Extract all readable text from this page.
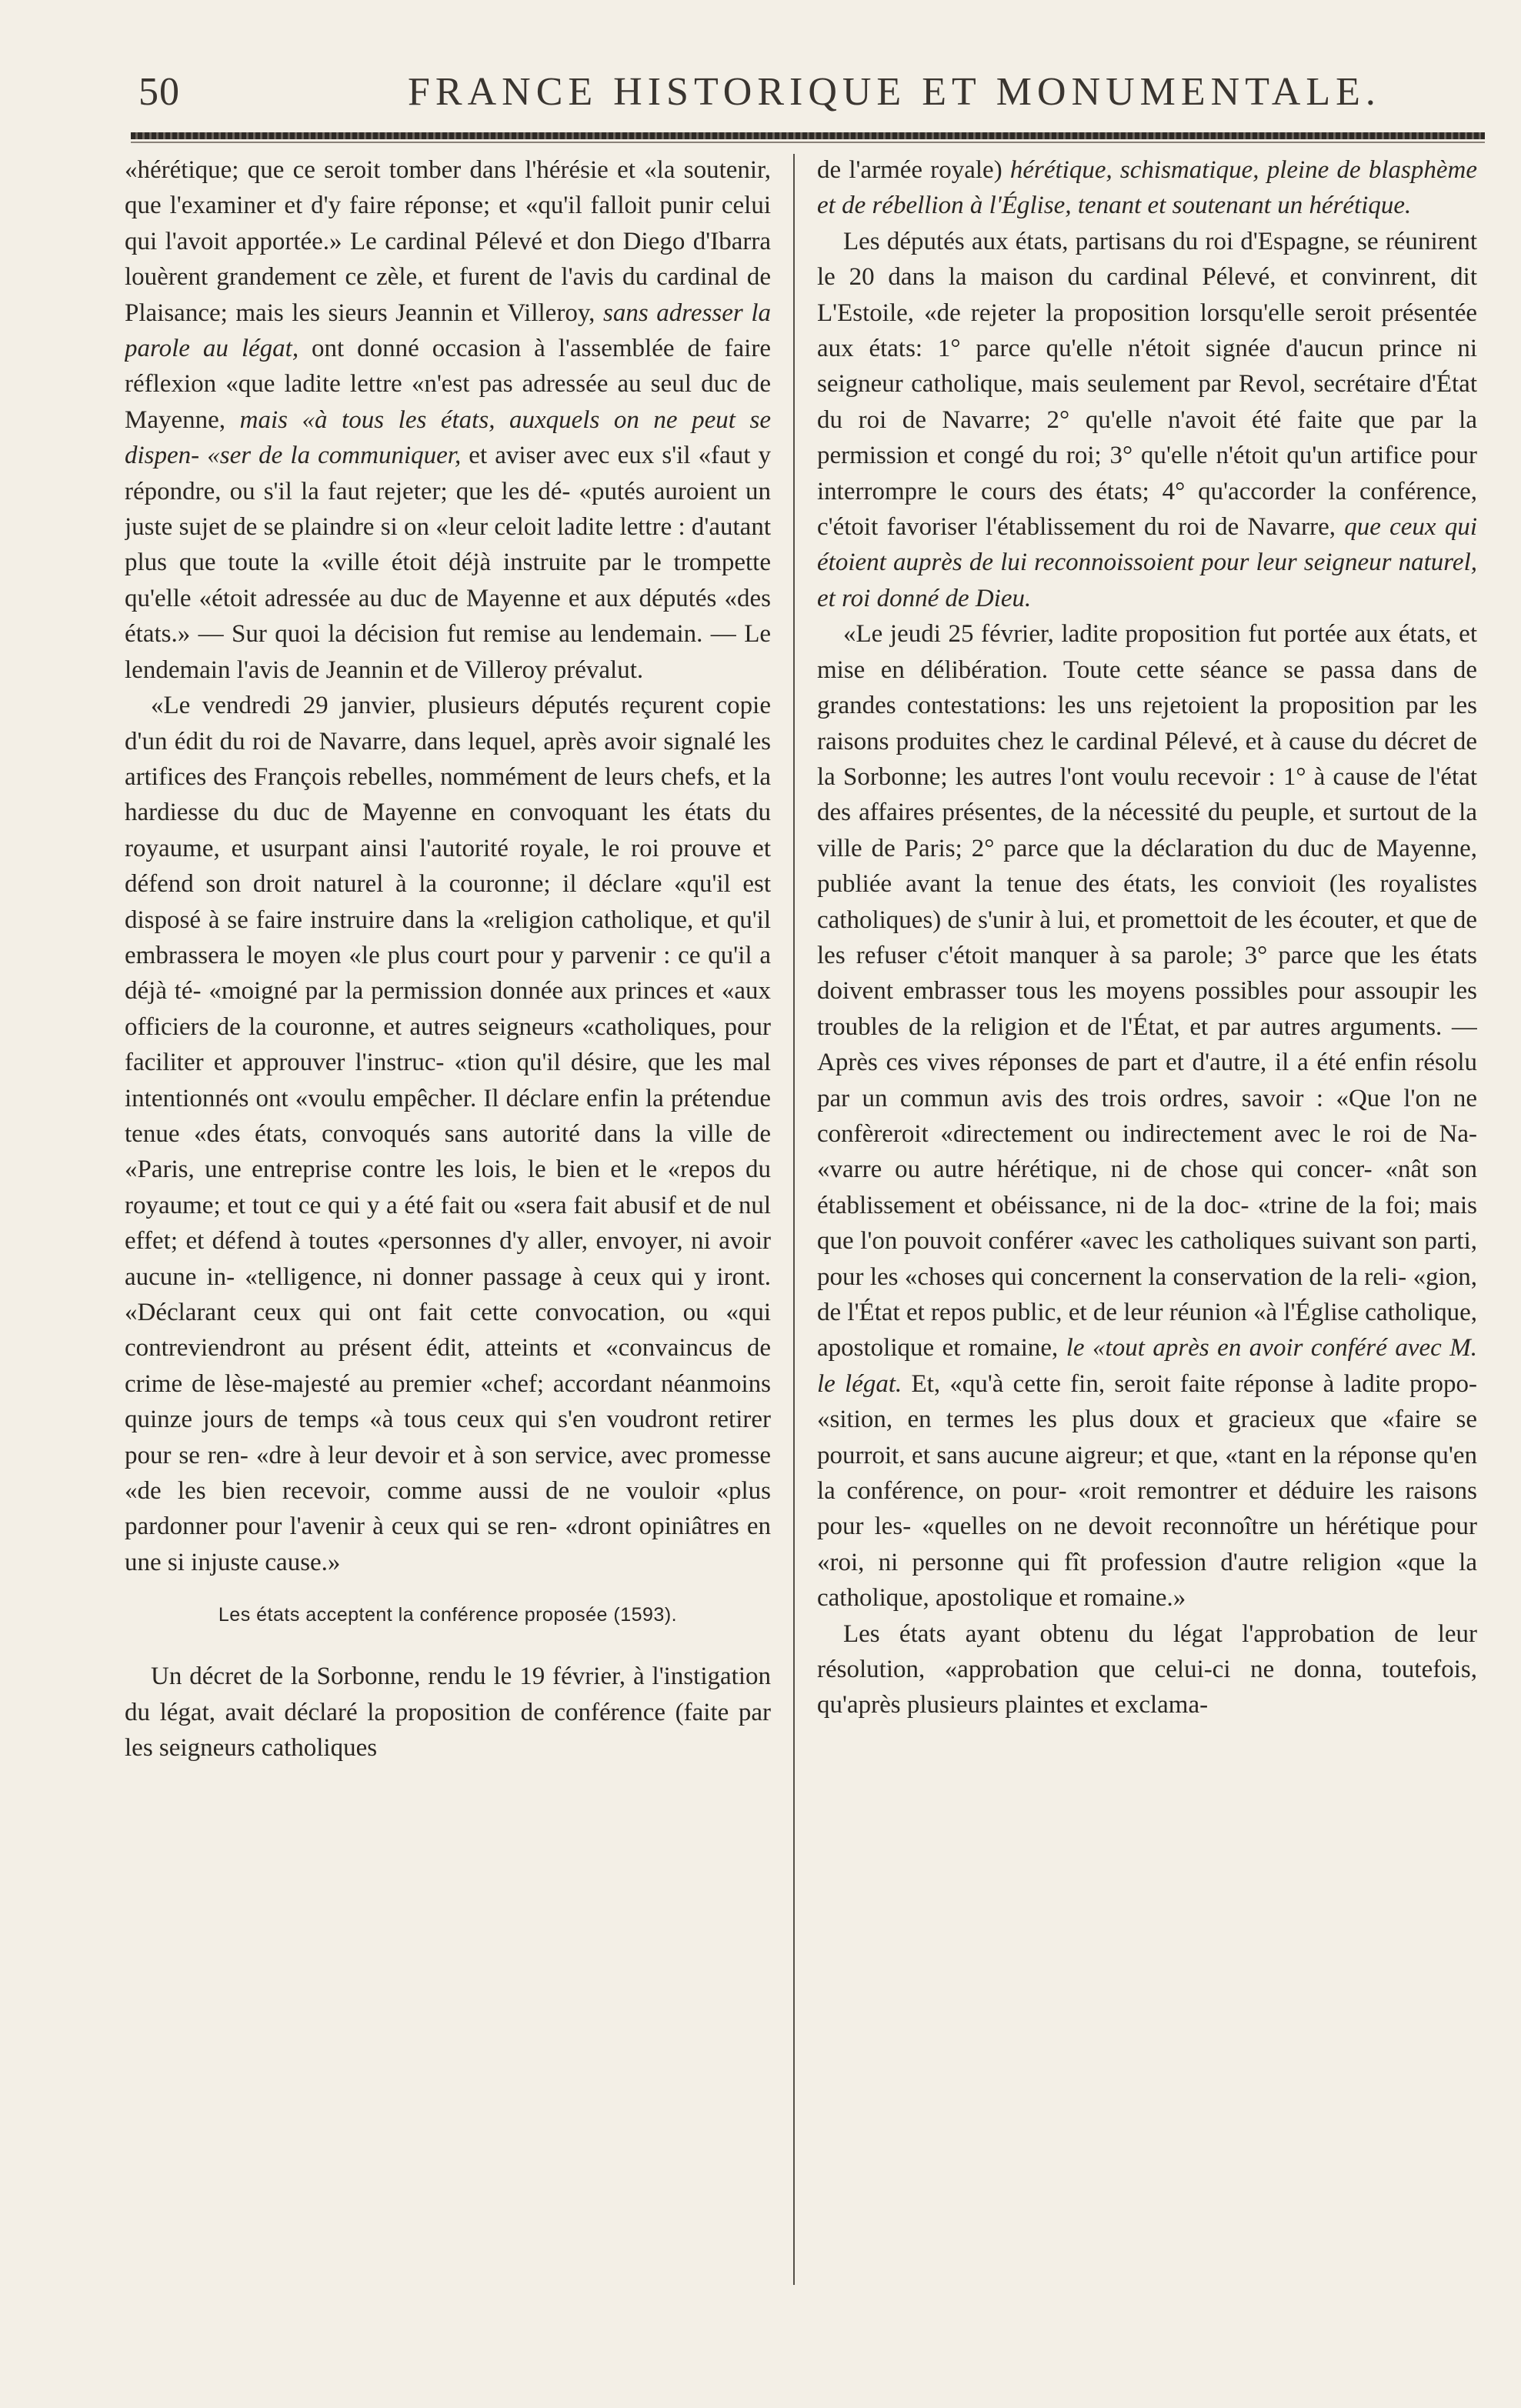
50	FRANCE HISTORIQUE ET MONUMENTALE.

«hérétique; que ce seroit tomber dans l'hérésie et «la soutenir, que l'examiner et d'y faire réponse; et «qu'il falloit punir celui qui l'avoit apportée.» Le cardinal Pélevé et don Diego d'Ibarra louèrent grandement ce zèle, et furent de l'avis du cardinal de Plaisance; mais les sieurs Jeannin et Villeroy, sans adresser la parole au légat, ont donné occasion à l'assemblée de faire réflexion «que ladite lettre «n'est pas adressée au seul duc de Mayenne, mais «à tous les états, auxquels on ne peut se dispen- «ser de la communiquer, et aviser avec eux s'il «faut y répondre, ou s'il la faut rejeter; que les dé- «putés auroient un juste sujet de se plaindre si on «leur celoit ladite lettre : d'autant plus que toute la «ville étoit déjà instruite par le trompette qu'elle «étoit adressée au duc de Mayenne et aux députés «des états.» — Sur quoi la décision fut remise au lendemain. — Le lendemain l'avis de Jeannin et de Villeroy prévalut.

«Le vendredi 29 janvier, plusieurs députés reçurent copie d'un édit du roi de Navarre, dans lequel, après avoir signalé les artifices des François rebelles, nommément de leurs chefs, et la hardiesse du duc de Mayenne en convoquant les états du royaume, et usurpant ainsi l'autorité royale, le roi prouve et défend son droit naturel à la couronne; il déclare «qu'il est disposé à se faire instruire dans la «religion catholique, et qu'il embrassera le moyen «le plus court pour y parvenir : ce qu'il a déjà té- «moigné par la permission donnée aux princes et «aux officiers de la couronne, et autres seigneurs «catholiques, pour faciliter et approuver l'instruc- «tion qu'il désire, que les mal intentionnés ont «voulu empêcher. Il déclare enfin la prétendue tenue «des états, convoqués sans autorité dans la ville de «Paris, une entreprise contre les lois, le bien et le «repos du royaume; et tout ce qui y a été fait ou «sera fait abusif et de nul effet; et défend à toutes «personnes d'y aller, envoyer, ni avoir aucune in- «telligence, ni donner passage à ceux qui y iront. «Déclarant ceux qui ont fait cette convocation, ou «qui contreviendront au présent édit, atteints et «convaincus de crime de lèse-majesté au premier «chef; accordant néanmoins quinze jours de temps «à tous ceux qui s'en voudront retirer pour se ren- «dre à leur devoir et à son service, avec promesse «de les bien recevoir, comme aussi de ne vouloir «plus pardonner pour l'avenir à ceux qui se ren- «dront opiniâtres en une si injuste cause.»

Les états acceptent la conférence proposée (1593).

Un décret de la Sorbonne, rendu le 19 février, à l'instigation du légat, avait déclaré la proposition de conférence (faite par les seigneurs catholiques

de l'armée royale) hérétique, schismatique, pleine de blasphème et de rébellion à l'Église, tenant et soutenant un hérétique.

Les députés aux états, partisans du roi d'Espagne, se réunirent le 20 dans la maison du cardinal Pélevé, et convinrent, dit L'Estoile, «de rejeter la proposition lorsqu'elle seroit présentée aux états: 1° parce qu'elle n'étoit signée d'aucun prince ni seigneur catholique, mais seulement par Revol, secrétaire d'État du roi de Navarre; 2° qu'elle n'avoit été faite que par la permission et congé du roi; 3° qu'elle n'étoit qu'un artifice pour interrompre le cours des états; 4° qu'accorder la conférence, c'étoit favoriser l'établissement du roi de Navarre, que ceux qui étoient auprès de lui reconnoissoient pour leur seigneur naturel, et roi donné de Dieu.

«Le jeudi 25 février, ladite proposition fut portée aux états, et mise en délibération. Toute cette séance se passa dans de grandes contestations: les uns rejetoient la proposition par les raisons produites chez le cardinal Pélevé, et à cause du décret de la Sorbonne; les autres l'ont voulu recevoir : 1° à cause de l'état des affaires présentes, de la nécessité du peuple, et surtout de la ville de Paris; 2° parce que la déclaration du duc de Mayenne, publiée avant la tenue des états, les convioit (les royalistes catholiques) de s'unir à lui, et promettoit de les écouter, et que de les refuser c'étoit manquer à sa parole; 3° parce que les états doivent embrasser tous les moyens possibles pour assoupir les troubles de la religion et de l'État, et par autres arguments. — Après ces vives réponses de part et d'autre, il a été enfin résolu par un commun avis des trois ordres, savoir : «Que l'on ne confèreroit «directement ou indirectement avec le roi de Na- «varre ou autre hérétique, ni de chose qui concer- «nât son établissement et obéissance, ni de la doc- «trine de la foi; mais que l'on pouvoit conférer «avec les catholiques suivant son parti, pour les «choses qui concernent la conservation de la reli- «gion, de l'État et repos public, et de leur réunion «à l'Église catholique, apostolique et romaine, le «tout après en avoir conféré avec M. le légat. Et, «qu'à cette fin, seroit faite réponse à ladite propo- «sition, en termes les plus doux et gracieux que «faire se pourroit, et sans aucune aigreur; et que, «tant en la réponse qu'en la conférence, on pour- «roit remontrer et déduire les raisons pour les- «quelles on ne devoit reconnoître un hérétique pour «roi, ni personne qui fît profession d'autre religion «que la catholique, apostolique et romaine.»

Les états ayant obtenu du légat l'approbation de leur résolution, «approbation que celui-ci ne donna, toutefois, qu'après plusieurs plaintes et exclama-
